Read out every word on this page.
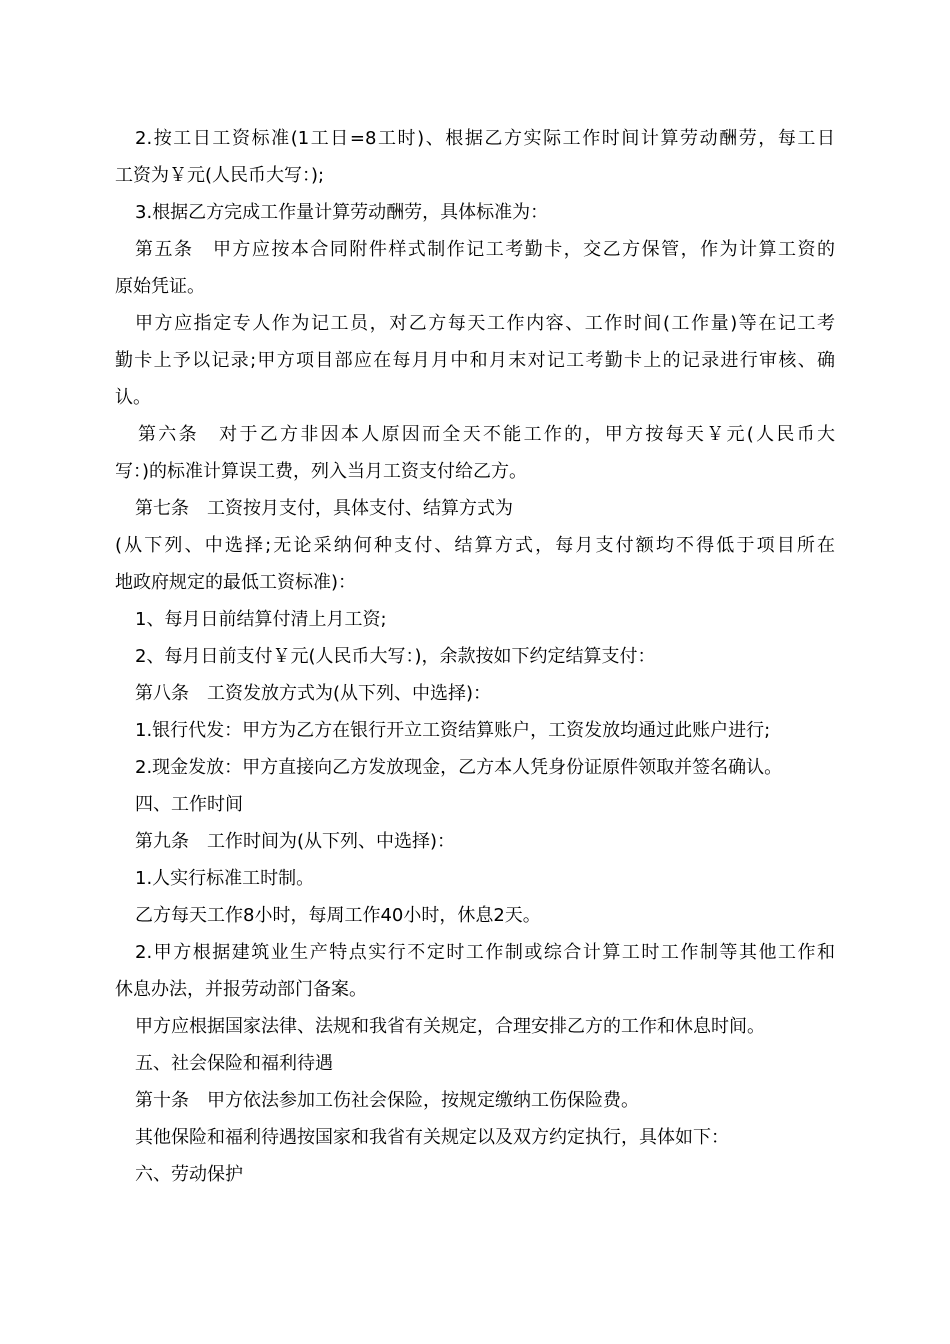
2.按工日工资标准(1工日=8工时)、根据乙方实际工作时间计算劳动酬劳，每工日
工资为￥元(人民币大写：);
3.根据乙方完成工作量计算劳动酬劳，具体标准为：
第五条　甲方应按本合同附件样式制作记工考勤卡，交乙方保管，作为计算工资的
原始凭证。
甲方应指定专人作为记工员，对乙方每天工作内容、工作时间(工作量)等在记工考
勤卡上予以记录;甲方项目部应在每月月中和月末对记工考勤卡上的记录进行审核、确
认。
第六条　对于乙方非因本人原因而全天不能工作的，甲方按每天￥元(人民币大
写：)的标准计算误工费，列入当月工资支付给乙方。
第七条　工资按月支付，具体支付、结算方式为
(从下列、中选择;无论采纳何种支付、结算方式，每月支付额均不得低于项目所在
地政府规定的最低工资标准)：
1、每月日前结算付清上月工资;
2、每月日前支付￥元(人民币大写：)，余款按如下约定结算支付：
第八条　工资发放方式为(从下列、中选择)：
1.银行代发：甲方为乙方在银行开立工资结算账户，工资发放均通过此账户进行;
2.现金发放：甲方直接向乙方发放现金，乙方本人凭身份证原件领取并签名确认。
四、工作时间
第九条　工作时间为(从下列、中选择)：
1.人实行标准工时制。
乙方每天工作8小时，每周工作40小时，休息2天。
2.甲方根据建筑业生产特点实行不定时工作制或综合计算工时工作制等其他工作和
休息办法，并报劳动部门备案。
甲方应根据国家法律、法规和我省有关规定，合理安排乙方的工作和休息时间。
五、社会保险和福利待遇
第十条　甲方依法参加工伤社会保险，按规定缴纳工伤保险费。
其他保险和福利待遇按国家和我省有关规定以及双方约定执行，具体如下：
六、劳动保护
